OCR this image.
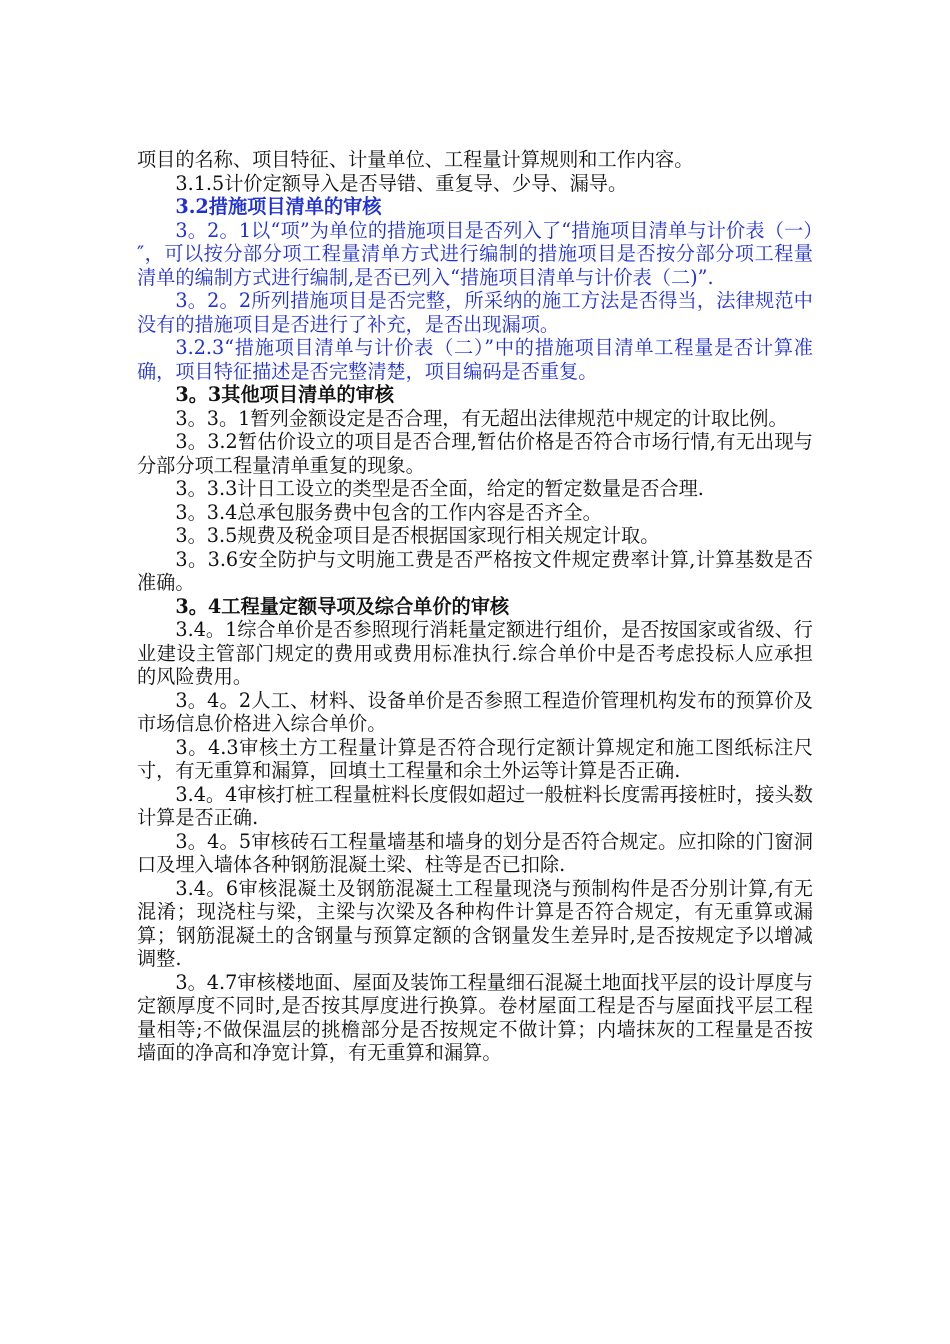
项目的名称、项目特征、计量单位、工程量计算规则和工作内容。

3.1.5计价定额导入是否导错、重复导、少导、漏导。

3.2措施项目清单的审核

3。2。1以“项”为单位的措施项目是否列入了“措施项目清单与计价表（一）″，可以按分部分项工程量清单方式进行编制的措施项目是否按分部分项工程量清单的编制方式进行编制,是否已列入“措施项目清单与计价表（二)”.

3。2。2所列措施项目是否完整，所采纳的施工方法是否得当，法律规范中没有的措施项目是否进行了补充，是否出现漏项。

3.2.3“措施项目清单与计价表（二）”中的措施项目清单工程量是否计算准确，项目特征描述是否完整清楚，项目编码是否重复。

3。3其他项目清单的审核

3。3。1暂列金额设定是否合理，有无超出法律规范中规定的计取比例。

3。3.2暂估价设立的项目是否合理,暂估价格是否符合市场行情,有无出现与分部分项工程量清单重复的现象。

3。3.3计日工设立的类型是否全面，给定的暂定数量是否合理.

3。3.4总承包服务费中包含的工作内容是否齐全。

3。3.5规费及税金项目是否根据国家现行相关规定计取。

3。3.6安全防护与文明施工费是否严格按文件规定费率计算,计算基数是否准确。

3。4工程量定额导项及综合单价的审核

3.4。1综合单价是否参照现行消耗量定额进行组价，是否按国家或省级、行业建设主管部门规定的费用或费用标准执行.综合单价中是否考虑投标人应承担的风险费用。

3。4。2人工、材料、设备单价是否参照工程造价管理机构发布的预算价及市场信息价格进入综合单价。

3。4.3审核土方工程量计算是否符合现行定额计算规定和施工图纸标注尺寸，有无重算和漏算，回填土工程量和余土外运等计算是否正确.

3.4。4审核打桩工程量桩料长度假如超过一般桩料长度需再接桩时，接头数计算是否正确.

3。4。5审核砖石工程量墙基和墙身的划分是否符合规定。应扣除的门窗洞口及埋入墙体各种钢筋混凝土梁、柱等是否已扣除.

3.4。6审核混凝土及钢筋混凝土工程量现浇与预制构件是否分别计算,有无混淆；现浇柱与梁，主梁与次梁及各种构件计算是否符合规定，有无重算或漏算；钢筋混凝土的含钢量与预算定额的含钢量发生差异时,是否按规定予以增减调整.

3。4.7审核楼地面、屋面及装饰工程量细石混凝土地面找平层的设计厚度与定额厚度不同时,是否按其厚度进行换算。卷材屋面工程是否与屋面找平层工程量相等;不做保温层的挑檐部分是否按规定不做计算；内墙抹灰的工程量是否按墙面的净高和净宽计算，有无重算和漏算。
